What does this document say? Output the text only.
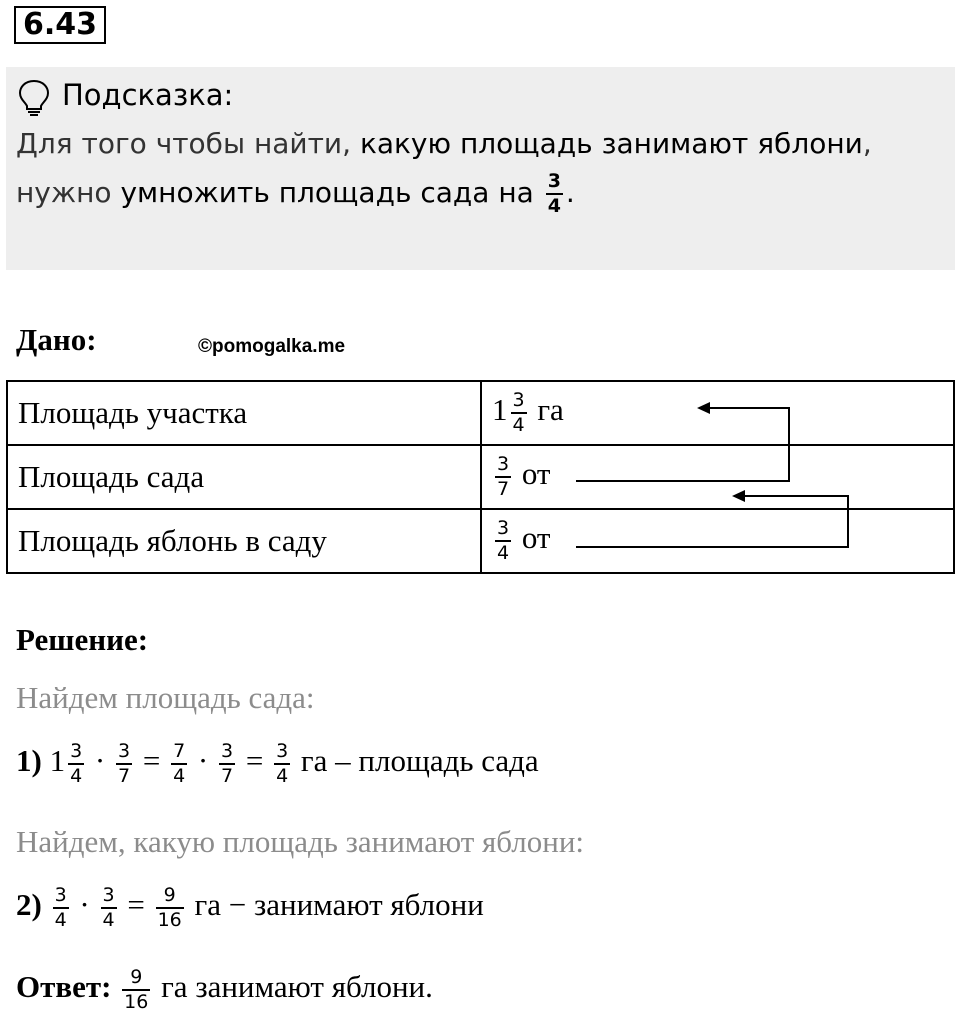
6.43
Подсказка:
Для того чтобы найти, какую площадь занимают яблони,
нужно умножить площадь сада на $\frac{3}{4}$ .
Дано:	©pomogalka.me
Площадь участка	$1 \frac{3}{4}$ га
Площадь сада	$\frac{3}{7}$ от
Площадь яблонь в саду	$\frac{3}{4}$ от
Решение:
Найдем площадь сада:
1) $1 \frac{3}{4} \cdot \frac{3}{7} = \frac{7}{4} \cdot \frac{3}{7} = \frac{3}{4}$ га – площадь сада
Найдем, какую площадь занимают яблони:
$2) \frac{3}{4} \cdot \frac{3}{4} = \frac{9}{16}$ га − занимают яблони
Ответ: $\frac{9}{16}$ га занимают яблони.
